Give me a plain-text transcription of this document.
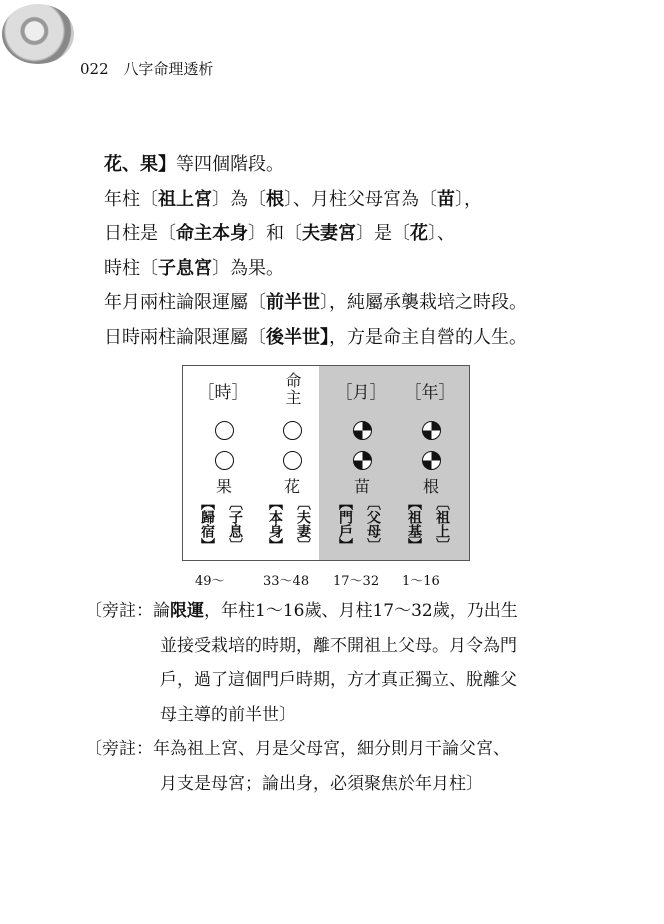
022 八字命理透析
花、果】等四個階段。
年柱〔祖上宮〕為〔根〕、月柱父母宮為〔苗〕，
日柱是〔命主本身〕和〔夫妻宮〕是〔花〕、
時柱〔子息宮〕為果。
年月兩柱論限運屬〔前半世〕，純屬承襲栽培之時段。
日時兩柱論限運屬〔後半世】，方是命主自營的人生。
［時］
果
【歸宿】 〔子息〕
命主
花
【本身】 〔夫妻〕
［月］
苗
【門戶】 〔父母〕
［年］
根
【祖基】 〔祖上〕
49～	33～48 17～32 1～16
〔旁註：論限運，年柱1～16歲、月柱17～32歲，乃出生
並接受栽培的時期，離不開祖上父母。月令為門
戶，過了這個門戶時期，方才真正獨立、脫離父
母主導的前半世〕
〔旁註：年為祖上宮、月是父母宮，細分則月干論父宮、
月支是母宮；論出身，必須聚焦於年月柱〕
